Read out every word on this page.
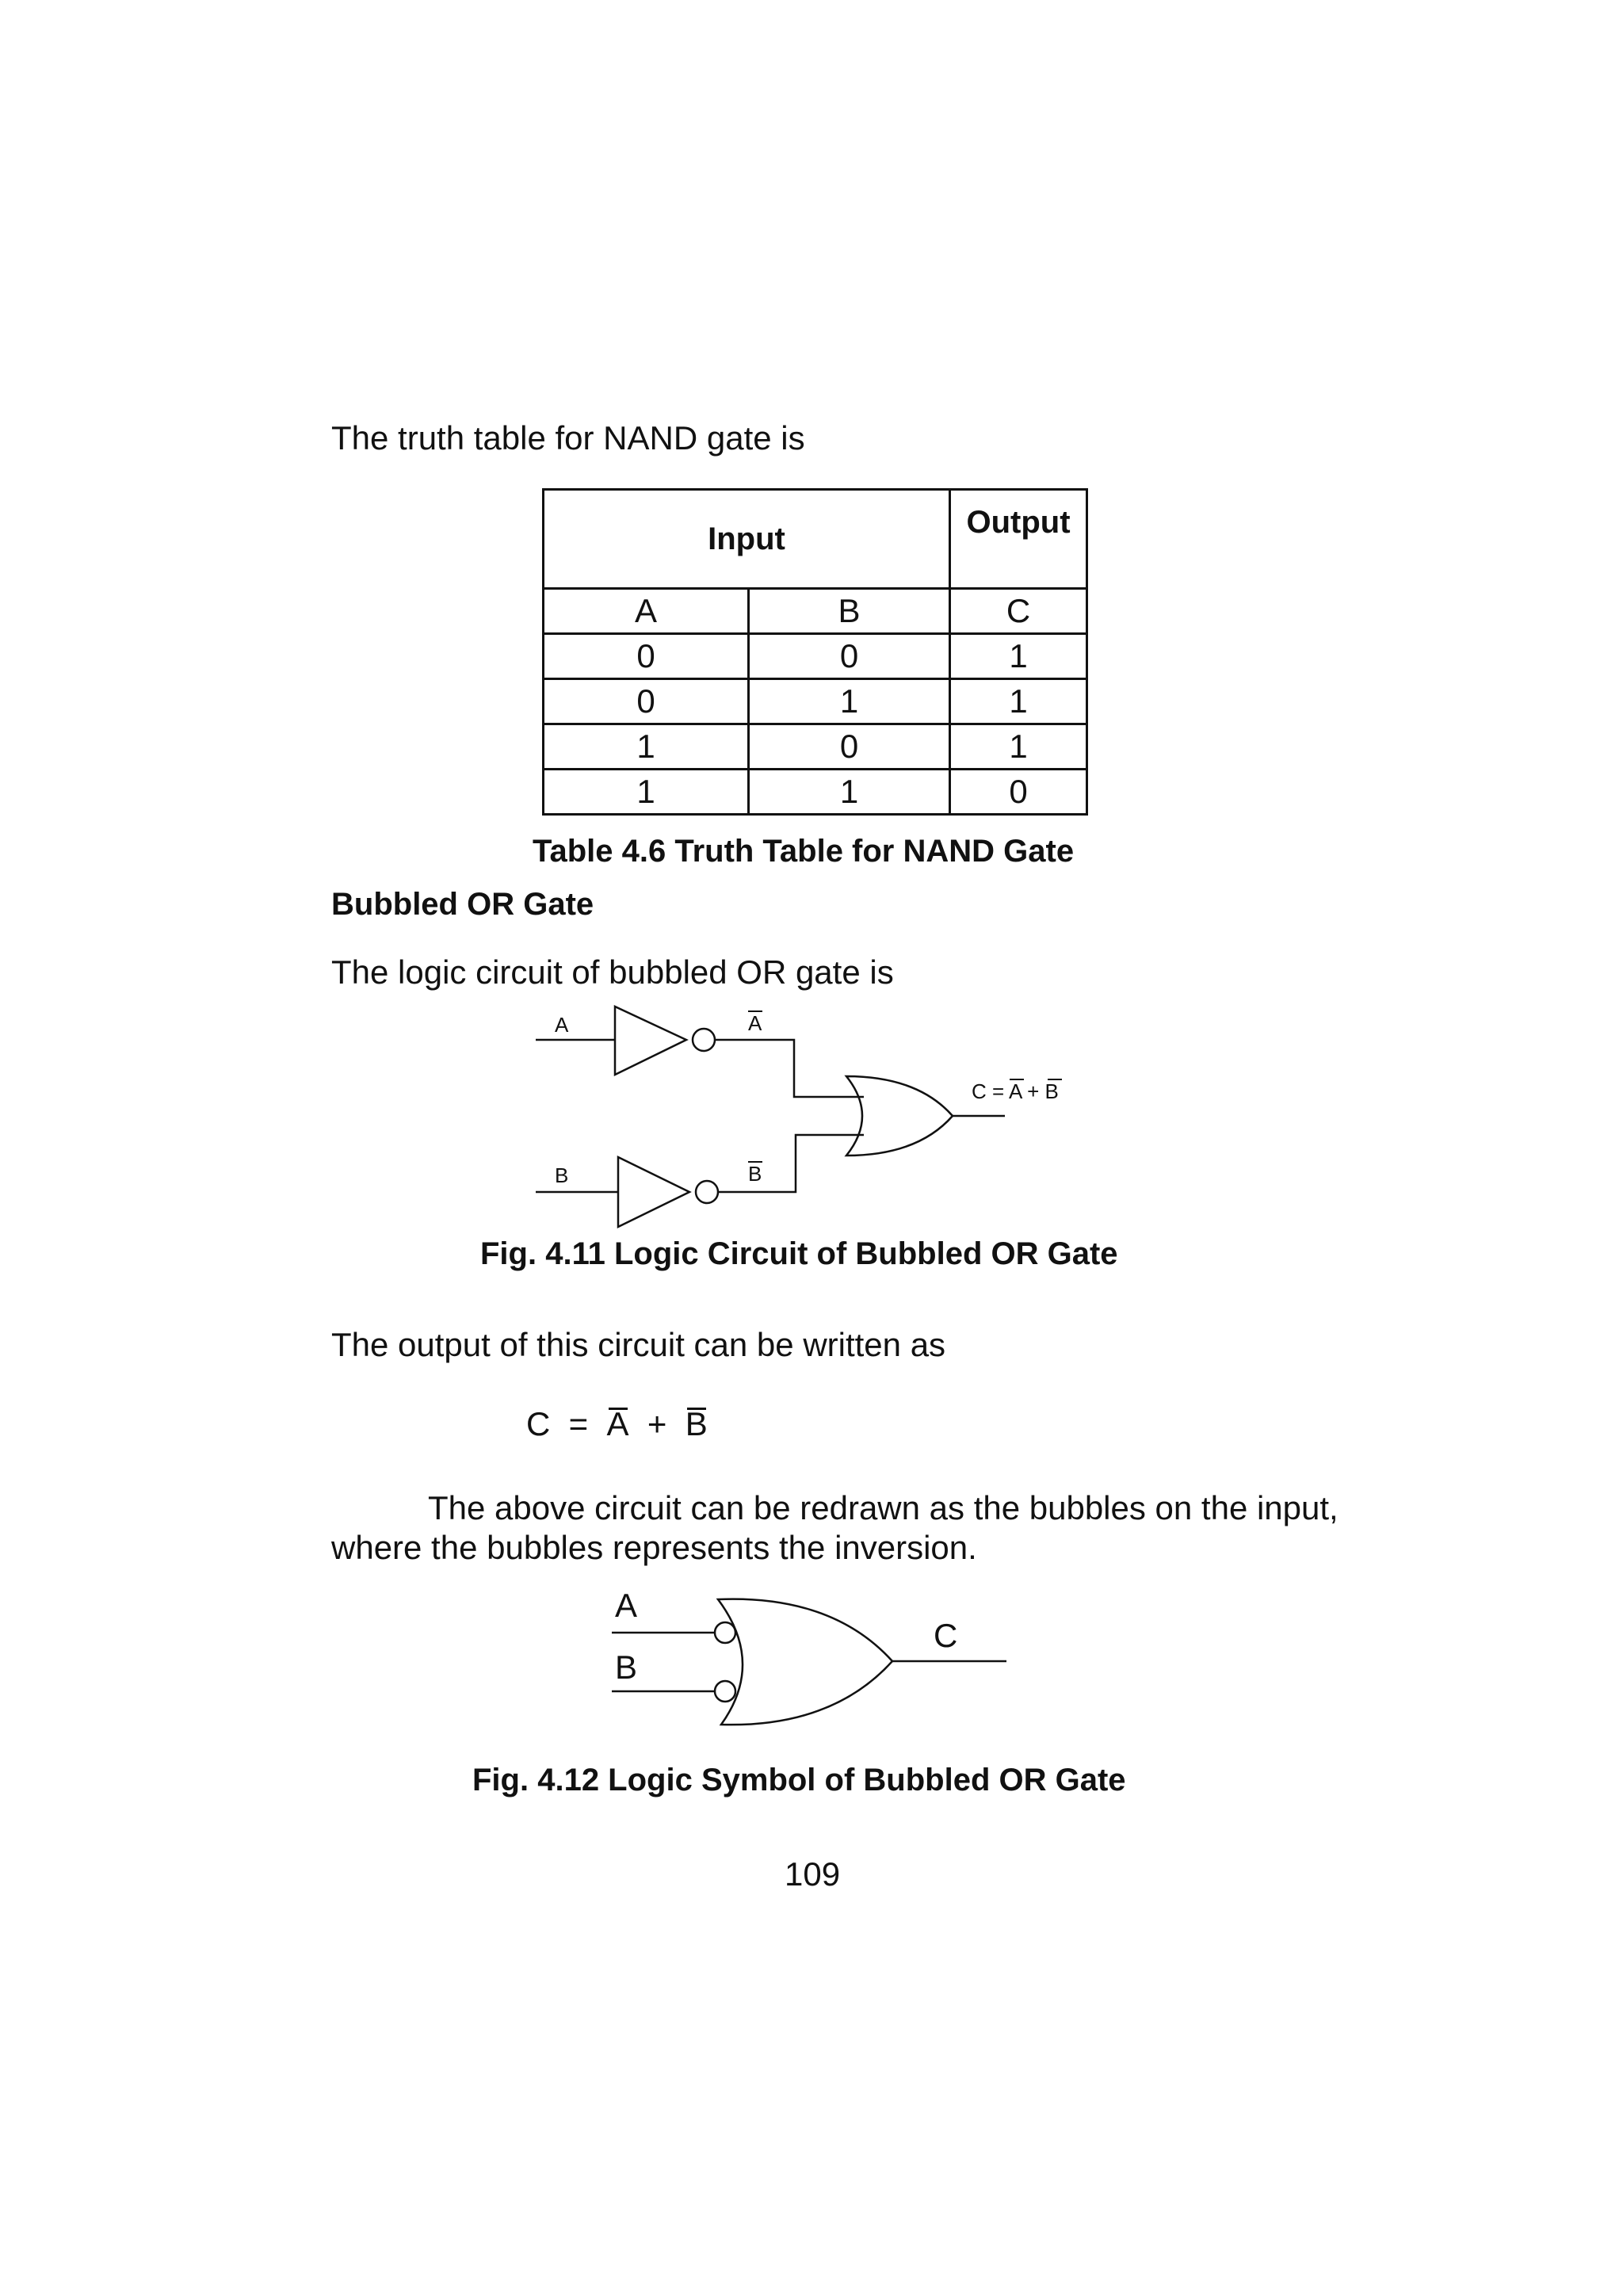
The truth table for NAND gate is
Input		Output
A	B	C
0	0	1
0	1	1
1	0	1
1	1	0
Table 4.6 Truth Table for NAND Gate
Bubbled OR Gate
The logic circuit of bubbled OR gate is
A
B
A
B
C = A + B
Fig. 4.11 Logic Circuit of Bubbled OR Gate
The output of this circuit can be written as
C  =  A  +  B
The above circuit can be redrawn as the bubbles on the input,
where the bubbles represents the inversion.
A
B
C
Fig. 4.12 Logic Symbol of Bubbled OR Gate
109
